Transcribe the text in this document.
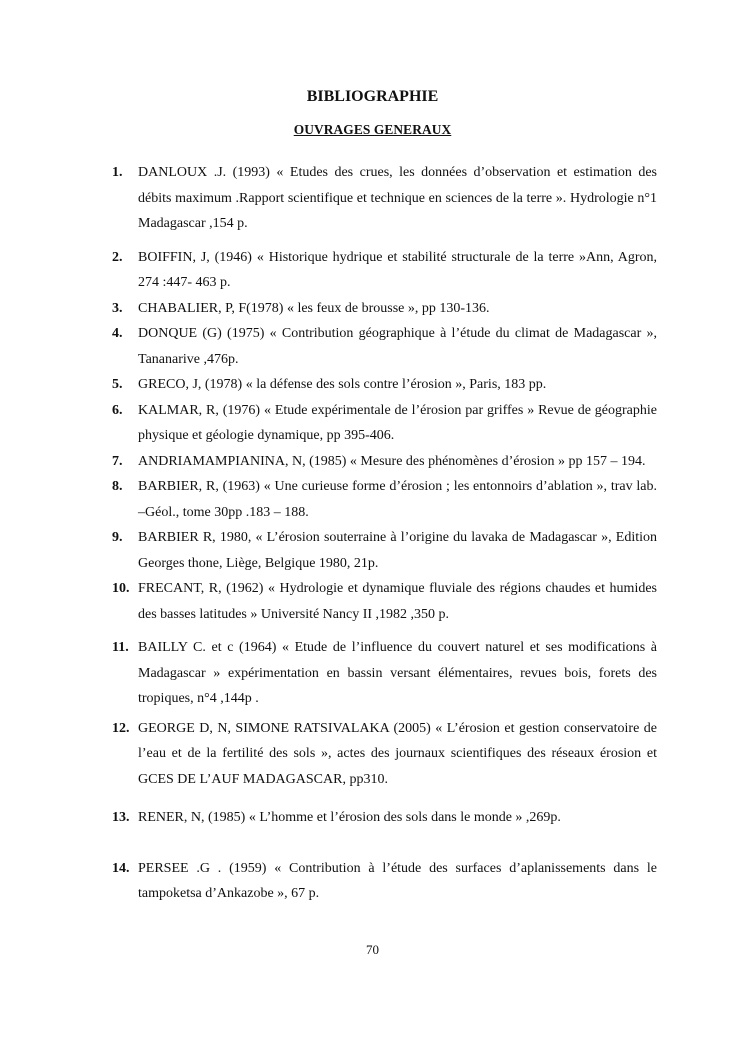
BIBLIOGRAPHIE
OUVRAGES GENERAUX
1. DANLOUX .J. (1993) « Etudes des crues, les données d’observation et estimation des débits maximum .Rapport scientifique et technique en sciences de la terre ». Hydrologie n°1 Madagascar ,154 p.
2. BOIFFIN, J, (1946) « Historique hydrique et stabilité structurale de la terre »Ann, Agron, 274 :447- 463 p.
3. CHABALIER, P, F(1978) « les feux de brousse », pp 130-136.
4. DONQUE (G) (1975) « Contribution géographique à l’étude du climat de Madagascar », Tananarive ,476p.
5. GRECO, J, (1978) « la défense des sols contre l’érosion », Paris, 183 pp.
6. KALMAR, R, (1976) « Etude expérimentale de l’érosion par griffes » Revue de géographie physique et géologie dynamique, pp 395-406.
7. ANDRIAMAMPIANINA, N, (1985) « Mesure des phénomènes d’érosion » pp 157 – 194.
8. BARBIER, R, (1963) « Une curieuse forme d’érosion ; les entonnoirs d’ablation », trav lab. –Géol., tome 30pp .183 – 188.
9. BARBIER R, 1980, « L’érosion souterraine à l’origine du lavaka de Madagascar », Edition Georges thone, Liège, Belgique 1980, 21p.
10. FRECANT, R, (1962) « Hydrologie et dynamique fluviale des régions chaudes et humides des basses latitudes » Université Nancy II ,1982 ,350 p.
11. BAILLY C. et c (1964) « Etude de l’influence du couvert naturel et ses modifications à Madagascar » expérimentation en bassin versant élémentaires, revues bois, forets des tropiques, n°4 ,144p .
12. GEORGE D, N, SIMONE RATSIVALAKA (2005) « L’érosion et gestion conservatoire de l’eau et de la fertilité des sols », actes des journaux scientifiques des réseaux érosion et GCES DE L’AUF MADAGASCAR, pp310.
13. RENER, N, (1985) « L’homme et l’érosion des sols dans le monde » ,269p.
14. PERSEE .G . (1959) « Contribution à l’étude des surfaces d’aplanissements dans le tampoketsa d’Ankazobe », 67 p.
70
